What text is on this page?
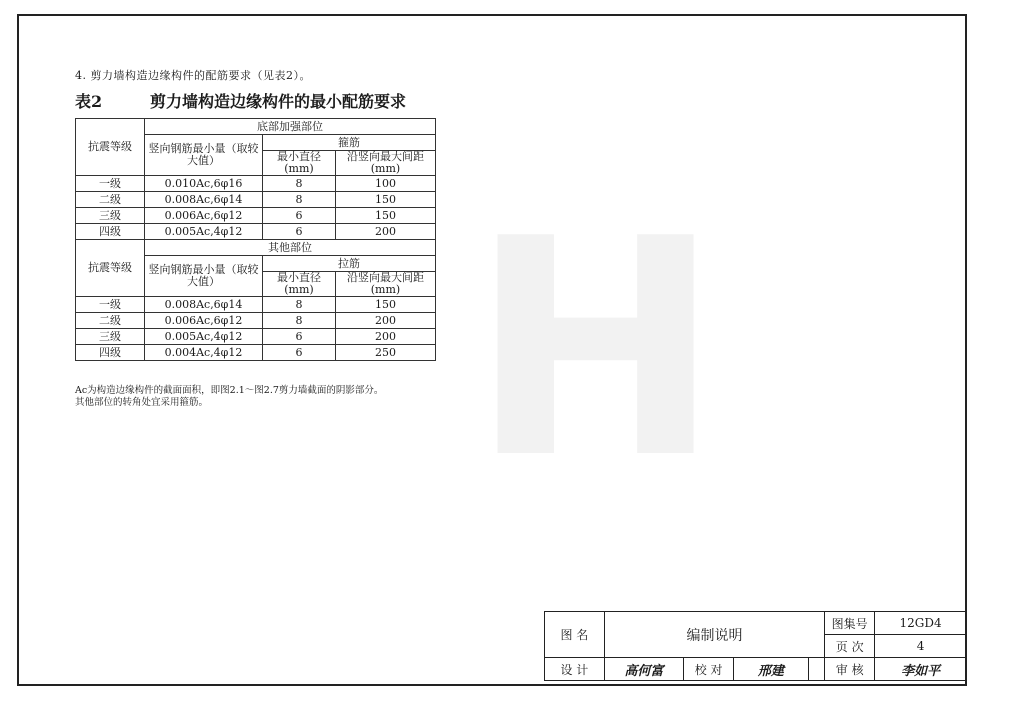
H
4. 剪力墙构造边缘构件的配筋要求（见表2）。
表2	剪力墙构造边缘构件的最小配筋要求
抗震等级	底部加强部位		
	竖向钢筋最小量（取较大值）	箍筋	
		最小直径(mm)	沿竖向最大间距(mm)
一级	0.010Ac,6φ16	8	100
二级	0.008Ac,6φ14	8	150
三级	0.006Ac,6φ12	6	150
四级	0.005Ac,4φ12	6	200
抗震等级	其他部位		
	竖向钢筋最小量（取较大值）	拉筋	
		最小直径(mm)	沿竖向最大间距(mm)
一级	0.008Ac,6φ14	8	150
二级	0.006Ac,6φ12	8	200
三级	0.005Ac,4φ12	6	200
四级	0.004Ac,4φ12	6	250
Ac为构造边缘构件的截面面积，即图2.1～图2.7剪力墙截面的阴影部分。
其他部位的转角处宜采用箍筋。
图 名	编制说明				图集号	12GD4
					页 次	4
设 计	高何富	校 对	邢建		审 核	李如平
